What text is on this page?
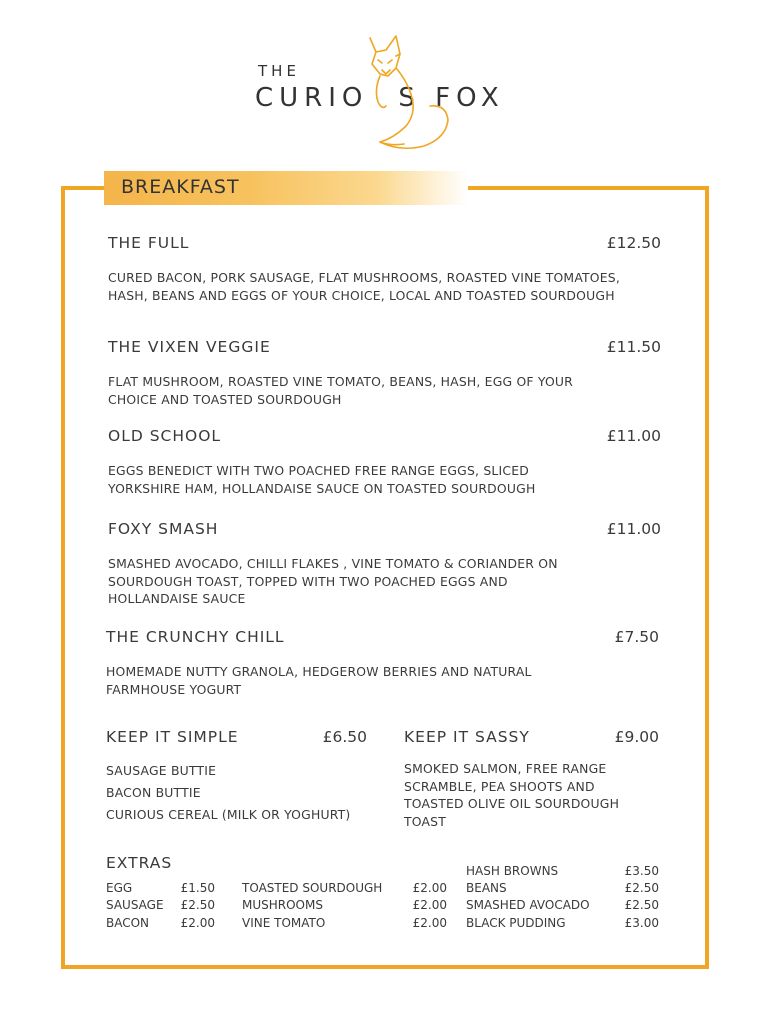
THE
CURIO S FOX
BREAKFAST
THE FULL	£12.50
CURED BACON, PORK SAUSAGE, FLAT MUSHROOMS, ROASTED VINE TOMATOES, HASH, BEANS AND EGGS OF YOUR CHOICE, LOCAL AND TOASTED SOURDOUGH
THE VIXEN VEGGIE	£11.50
FLAT MUSHROOM, ROASTED VINE TOMATO, BEANS, HASH, EGG OF YOUR CHOICE AND TOASTED SOURDOUGH
OLD SCHOOL	£11.00
EGGS BENEDICT WITH TWO POACHED FREE RANGE EGGS, SLICED YORKSHIRE HAM, HOLLANDAISE SAUCE ON TOASTED SOURDOUGH
FOXY SMASH	£11.00
SMASHED AVOCADO, CHILLI FLAKES , VINE TOMATO & CORIANDER ON SOURDOUGH TOAST, TOPPED WITH TWO POACHED EGGS AND HOLLANDAISE SAUCE
THE CRUNCHY CHILL	£7.50
HOMEMADE NUTTY GRANOLA, HEDGEROW BERRIES AND NATURAL FARMHOUSE YOGURT
KEEP IT SIMPLE	£6.50
SAUSAGE BUTTIE
BACON BUTTIE
CURIOUS CEREAL (MILK OR YOGHURT)
KEEP IT SASSY	£9.00
SMOKED SALMON, FREE RANGE SCRAMBLE, PEA SHOOTS AND TOASTED OLIVE OIL SOURDOUGH TOAST
EXTRAS
EGG	£1.50
SAUSAGE £2.50
BACON	£2.00
TOASTED SOURDOUGH	£2.00
MUSHROOMS	£2.00
VINE TOMATO	£2.00
HASH BROWNS	£3.50
BEANS	£2.50
SMASHED AVOCADO	£2.50
BLACK PUDDING	£3.00
